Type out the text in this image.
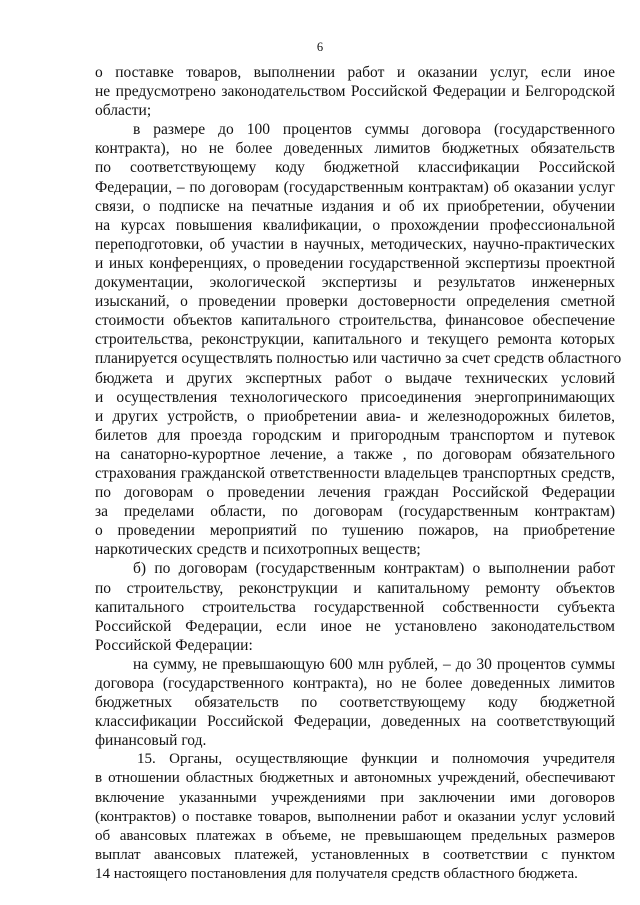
6
о поставке товаров, выполнении работ и оказании услуг, если иное
не предусмотрено законодательством Российской Федерации и Белгородской
области;
в размере до 100 процентов суммы договора (государственного
контракта), но не более доведенных лимитов бюджетных обязательств
по соответствующему коду бюджетной классификации Российской
Федерации, – по договорам (государственным контрактам) об оказании услуг
связи, о подписке на печатные издания и об их приобретении, обучении
на курсах повышения квалификации, о прохождении профессиональной
переподготовки, об участии в научных, методических, научно-практических
и иных конференциях, о проведении государственной экспертизы проектной
документации, экологической экспертизы и результатов инженерных
изысканий, о проведении проверки достоверности определения сметной
стоимости объектов капитального строительства, финансовое обеспечение
строительства, реконструкции, капитального и текущего ремонта которых
планируется осуществлять полностью или частично за счет средств областного
бюджета и других экспертных работ о выдаче технических условий
и осуществления технологического присоединения энергопринимающих
и других устройств, о приобретении авиа- и железнодорожных билетов,
билетов для проезда городским и пригородным транспортом и путевок
на санаторно-курортное лечение, а также , по договорам обязательного
страхования гражданской ответственности владельцев транспортных средств,
по договорам о проведении лечения граждан Российской Федерации
за пределами области, по договорам (государственным контрактам)
о проведении мероприятий по тушению пожаров, на приобретение
наркотических средств и психотропных веществ;
б) по договорам (государственным контрактам) о выполнении работ
по строительству, реконструкции и капитальному ремонту объектов
капитального строительства государственной собственности субъекта
Российской Федерации, если иное не установлено законодательством
Российской Федерации:
на сумму, не превышающую 600 млн рублей, – до 30 процентов суммы
договора (государственного контракта), но не более доведенных лимитов
бюджетных обязательств по соответствующему коду бюджетной
классификации Российской Федерации, доведенных на соответствующий
финансовый год.
15. Органы, осуществляющие функции и полномочия учредителя
в отношении областных бюджетных и автономных учреждений, обеспечивают
включение указанными учреждениями при заключении ими договоров
(контрактов) о поставке товаров, выполнении работ и оказании услуг условий
об авансовых платежах в объеме, не превышающем предельных размеров
выплат авансовых платежей, установленных в соответствии с пунктом
14 настоящего постановления для получателя средств областного бюджета.
